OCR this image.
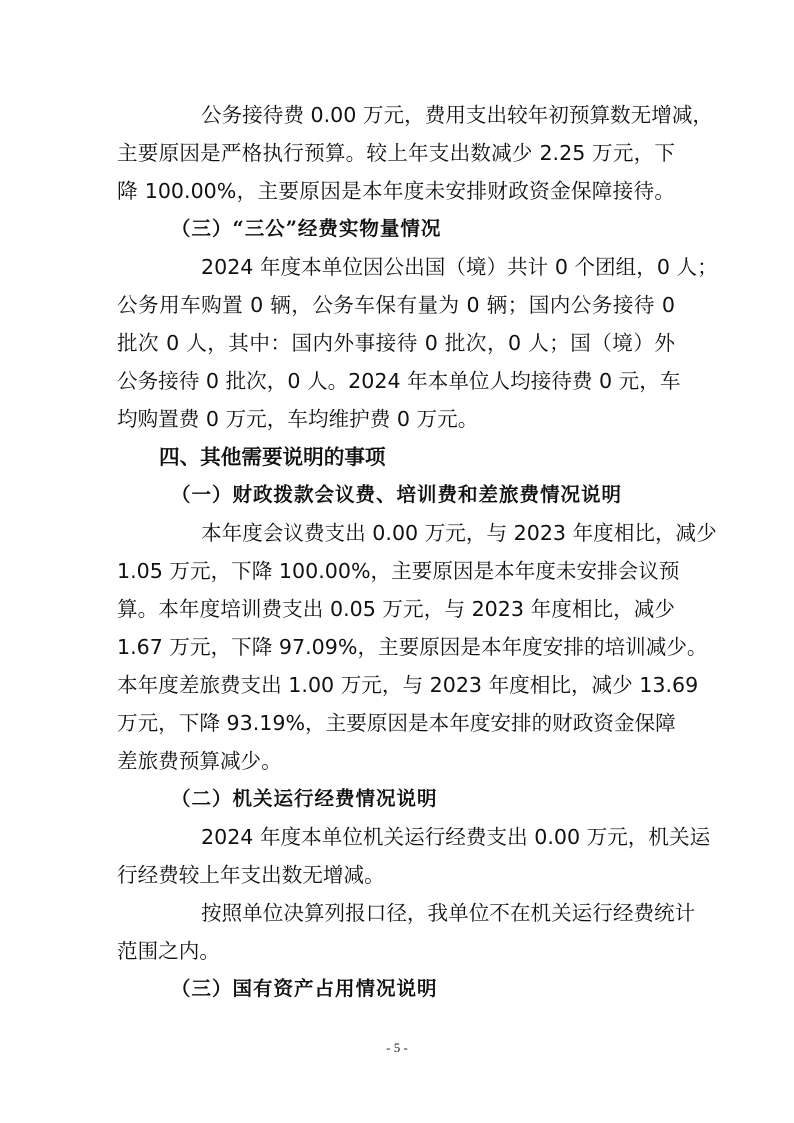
公务接待费 0.00 万元，费用支出较年初预算数无增减，
主要原因是严格执行预算。较上年支出数减少 2.25 万元，下
降 100.00%，主要原因是本年度未安排财政资金保障接待。
（三）“三公”经费实物量情况
2024 年度本单位因公出国（境）共计 0 个团组，0 人；
公务用车购置 0 辆，公务车保有量为 0 辆；国内公务接待 0
批次 0 人，其中：国内外事接待 0 批次，0 人；国（境）外
公务接待 0 批次，0 人。2024 年本单位人均接待费 0 元，车
均购置费 0 万元，车均维护费 0 万元。
四、其他需要说明的事项
（一）财政拨款会议费、培训费和差旅费情况说明
本年度会议费支出 0.00 万元，与 2023 年度相比，减少
1.05 万元，下降 100.00%，主要原因是本年度未安排会议预
算。本年度培训费支出 0.05 万元，与 2023 年度相比，减少
1.67 万元，下降 97.09%，主要原因是本年度安排的培训减少。
本年度差旅费支出 1.00 万元，与 2023 年度相比，减少 13.69
万元，下降 93.19%，主要原因是本年度安排的财政资金保障
差旅费预算减少。
（二）机关运行经费情况说明
2024 年度本单位机关运行经费支出 0.00 万元，机关运
行经费较上年支出数无增减。
按照单位决算列报口径，我单位不在机关运行经费统计
范围之内。
（三）国有资产占用情况说明
- 5 -
